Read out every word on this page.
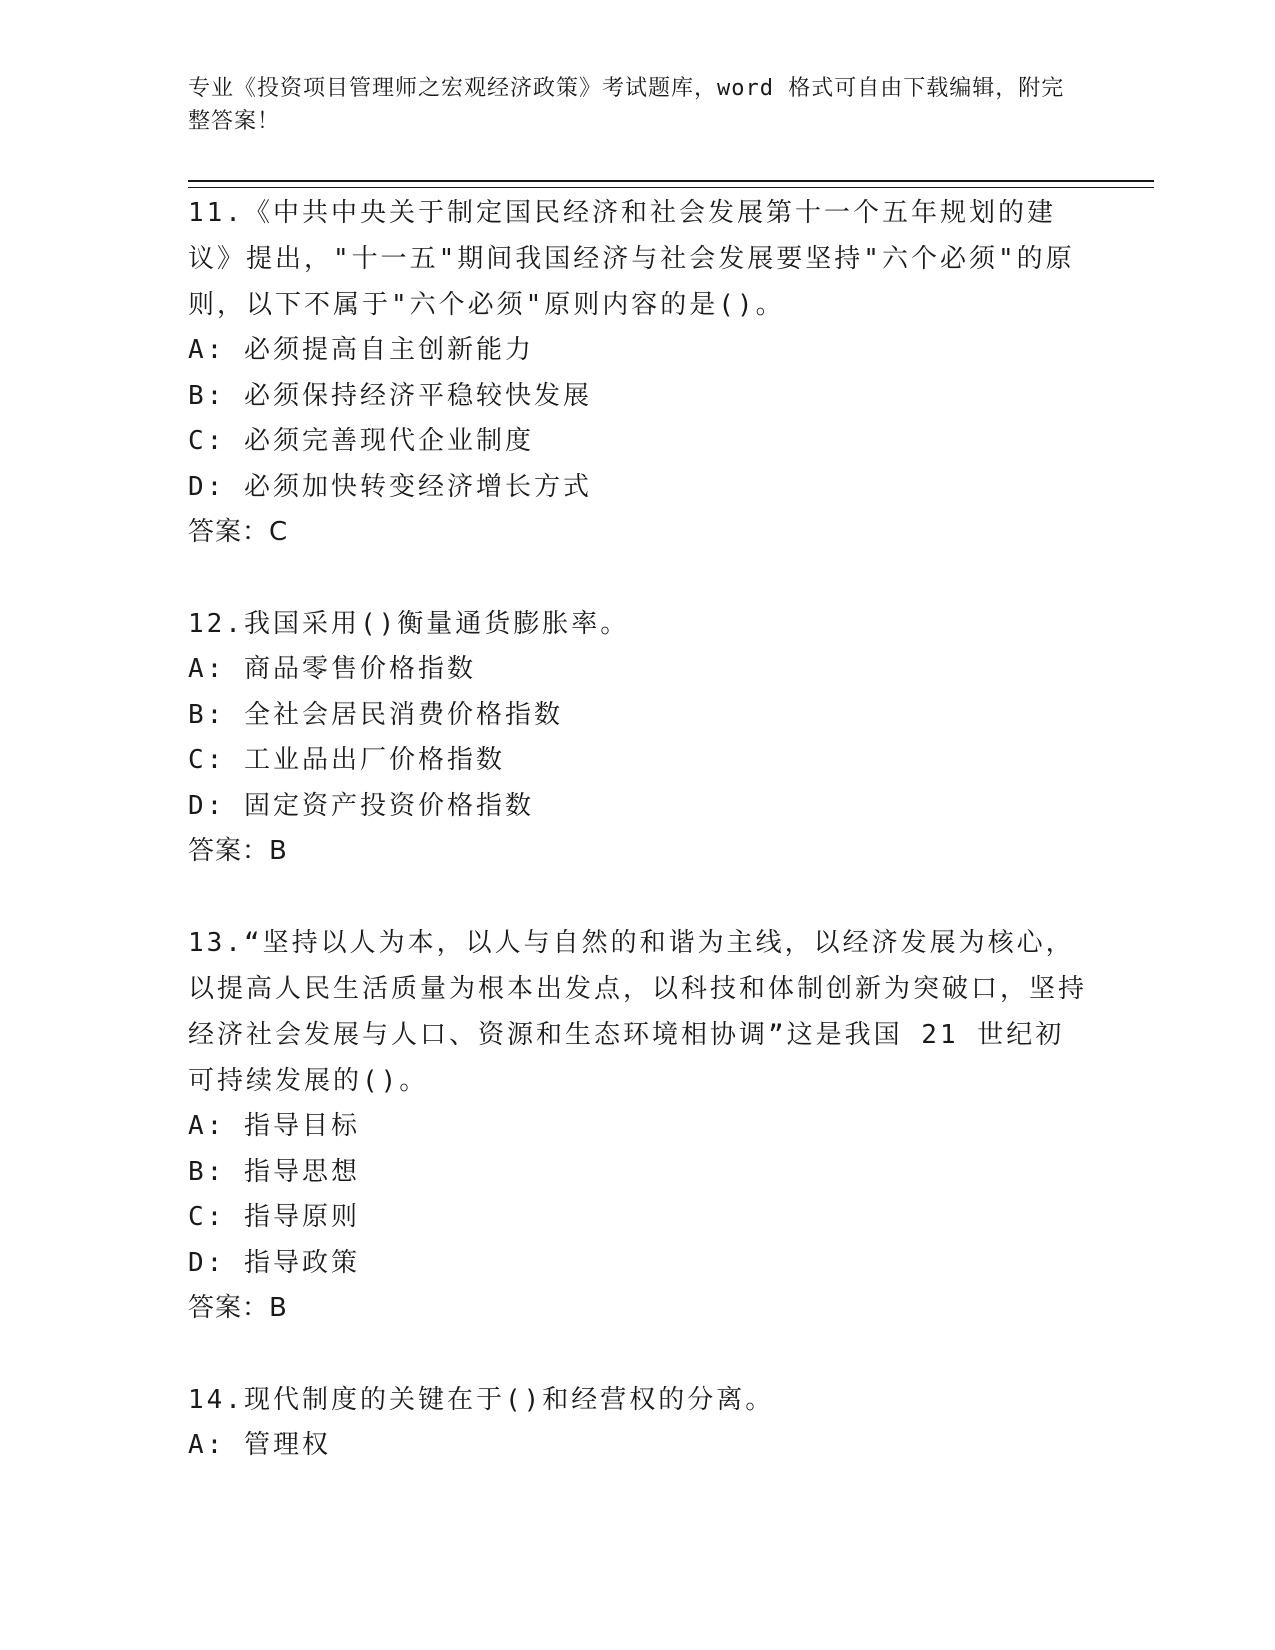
专业《投资项目管理师之宏观经济政策》考试题库，word 格式可自由下载编辑，附完整答案！

11.《中共中央关于制定国民经济和社会发展第十一个五年规划的建议》提出，"十一五"期间我国经济与社会发展要坚持"六个必须"的原则，以下不属于"六个必须"原则内容的是()。

A: 必须提高自主创新能力

B: 必须保持经济平稳较快发展

C: 必须完善现代企业制度

D: 必须加快转变经济增长方式

答案：C

12.我国采用()衡量通货膨胀率。

A: 商品零售价格指数

B: 全社会居民消费价格指数

C: 工业品出厂价格指数

D: 固定资产投资价格指数

答案：B

13.“坚持以人为本，以人与自然的和谐为主线，以经济发展为核心，以提高人民生活质量为根本出发点，以科技和体制创新为突破口，坚持经济社会发展与人口、资源和生态环境相协调”这是我国 21 世纪初可持续发展的()。

A: 指导目标

B: 指导思想

C: 指导原则

D: 指导政策

答案：B

14.现代制度的关键在于()和经营权的分离。

A: 管理权
